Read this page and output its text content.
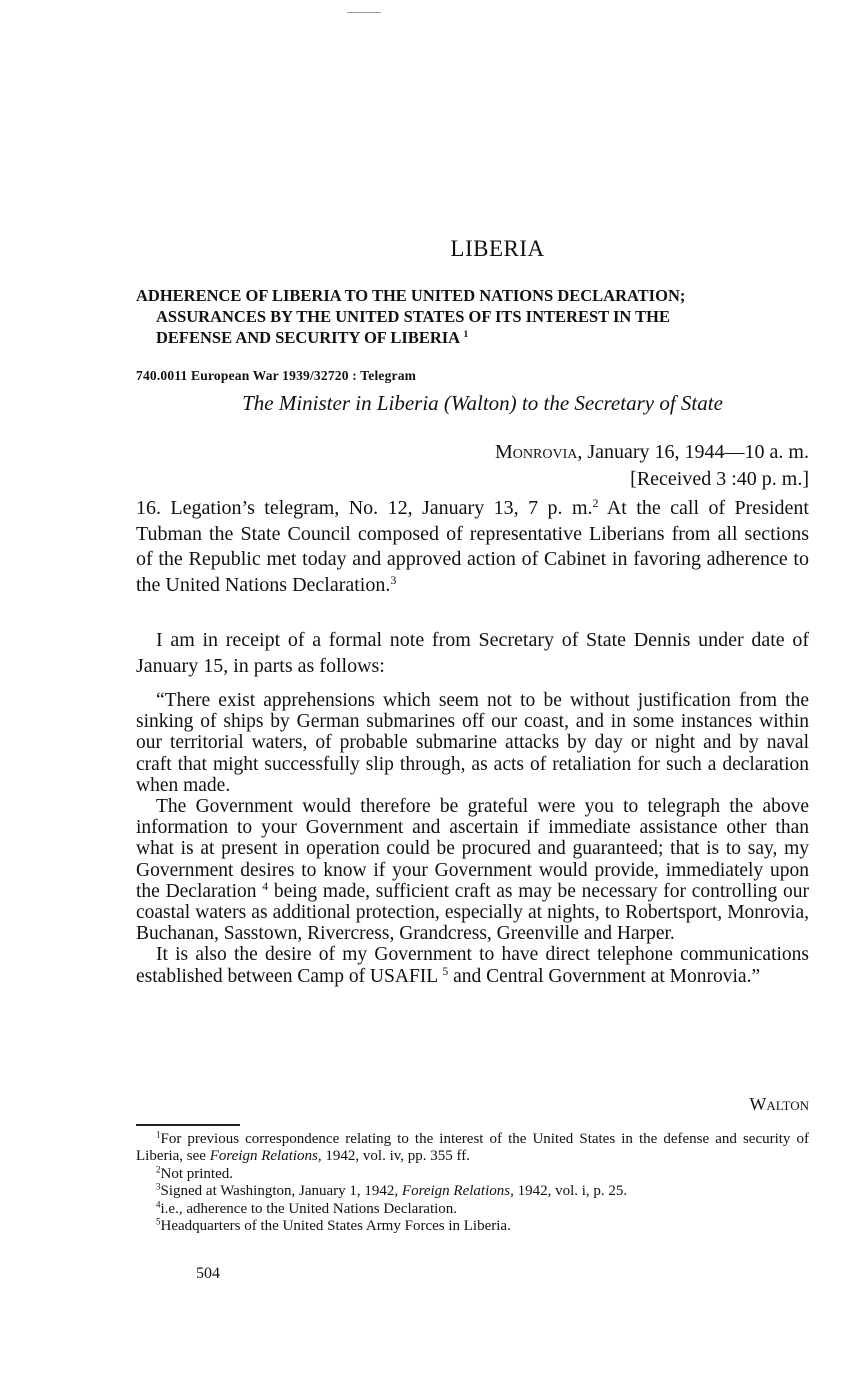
LIBERIA
ADHERENCE OF LIBERIA TO THE UNITED NATIONS DECLARATION;
ASSURANCES BY THE UNITED STATES OF ITS INTEREST IN THE
DEFENSE AND SECURITY OF LIBERIA $^1$
740.0011 European War 1939/32720 : Telegram
The Minister in Liberia (Walton) to the Secretary of State
Monrovia, January 16, 1944—10 a. m.
[Received 3 :40 p. m.]
16. Legation’s telegram, No. 12, January 13, 7 p. m.$^2$ At the call of President Tubman the State Council composed of representative Liberians from all sections of the Republic met today and approved action of Cabinet in favoring adherence to the United Nations Declaration.$^3$
I am in receipt of a formal note from Secretary of State Dennis under date of January 15, in parts as follows:

“There exist apprehensions which seem not to be without justification from the sinking of ships by German submarines off our coast, and in some instances within our territorial waters, of probable submarine attacks by day or night and by naval craft that might successfully slip through, as acts of retaliation for such a declaration when made.

The Government would therefore be grateful were you to telegraph the above information to your Government and ascertain if immediate assistance other than what is at present in operation could be procured and guaranteed; that is to say, my Government desires to know if your Government would provide, immediately upon the Declaration $^4$ being made, sufficient craft as may be necessary for controlling our coastal waters as additional protection, especially at nights, to Robertsport, Monrovia, Buchanan, Sasstown, Rivercress, Grandcress, Greenville and Harper.

It is also the desire of my Government to have direct telephone communications established between Camp of USAFIL $^5$ and Central Government at Monrovia.”

Walton

$^1$For previous correspondence relating to the interest of the United States in the defense and security of Liberia, see Foreign Relations, 1942, vol. iv, pp. 355 ff.

$^2$Not printed.

$^3$Signed at Washington, January 1, 1942, Foreign Relations, 1942, vol. i, p. 25.

$^4$i.e., adherence to the United Nations Declaration.

$^5$Headquarters of the United States Army Forces in Liberia.

504
